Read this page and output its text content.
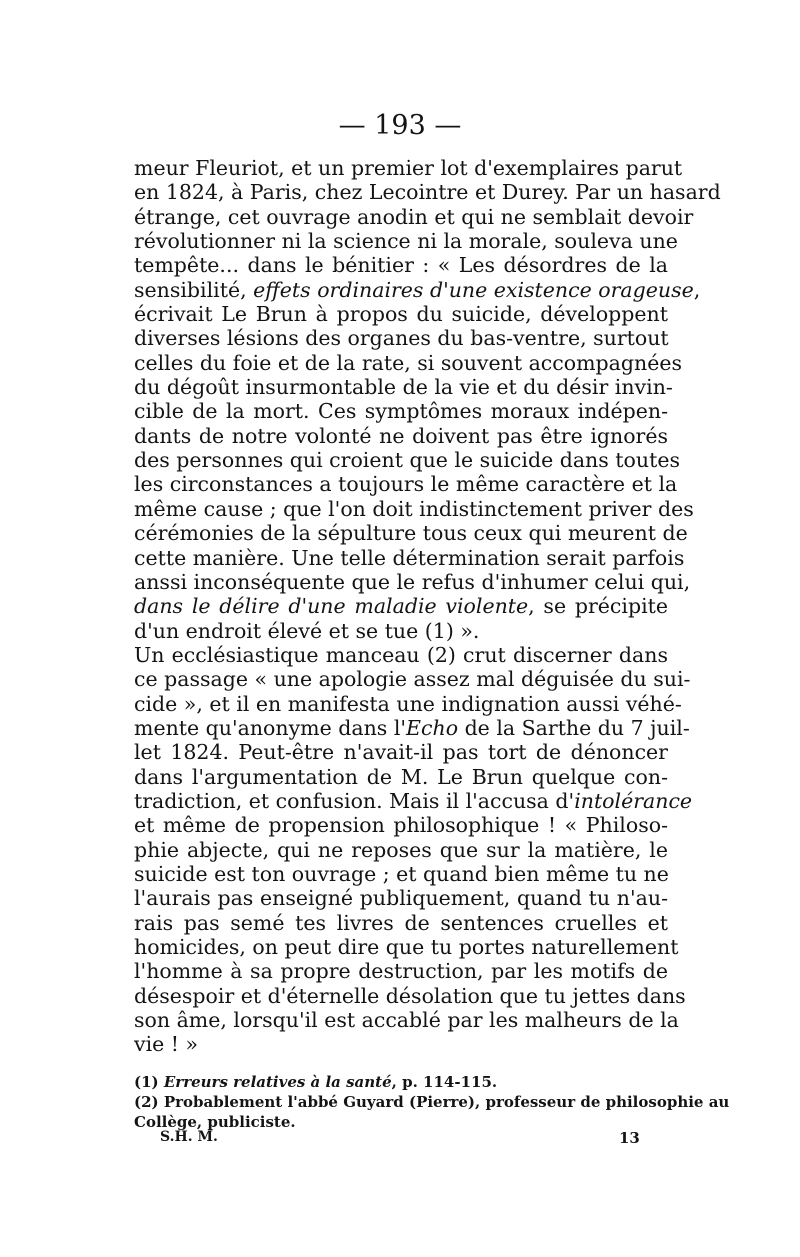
— 193 —
meur Fleuriot, et un premier lot d'exemplaires parut
en 1824, à Paris, chez Lecointre et Durey. Par un hasard
étrange, cet ouvrage anodin et qui ne semblait devoir
révolutionner ni la science ni la morale, souleva une
tempête... dans le bénitier : « Les désordres de la
sensibilité, effets ordinaires d'une existence orageuse,
écrivait Le Brun à propos du suicide, développent
diverses lésions des organes du bas-ventre, surtout
celles du foie et de la rate, si souvent accompagnées
du dégoût insurmontable de la vie et du désir invin-
cible de la mort. Ces symptômes moraux indépen-
dants de notre volonté ne doivent pas être ignorés
des personnes qui croient que le suicide dans toutes
les circonstances a toujours le même caractère et la
même cause ; que l'on doit indistinctement priver des
cérémonies de la sépulture tous ceux qui meurent de
cette manière. Une telle détermination serait parfois
anssi inconséquente que le refus d'inhumer celui qui,
dans le délire d'une maladie violente, se précipite
d'un endroit élevé et se tue (1) ».
Un ecclésiastique manceau (2) crut discerner dans
ce passage « une apologie assez mal déguisée du sui-
cide », et il en manifesta une indignation aussi véhé-
mente qu'anonyme dans l'Echo de la Sarthe du 7 juil-
let 1824. Peut-être n'avait-il pas tort de dénoncer
dans l'argumentation de M. Le Brun quelque con-
tradiction, et confusion. Mais il l'accusa d'intolérance
et même de propension philosophique ! « Philoso-
phie abjecte, qui ne reposes que sur la matière, le
suicide est ton ouvrage ; et quand bien même tu ne
l'aurais pas enseigné publiquement, quand tu n'au-
rais pas semé tes livres de sentences cruelles et
homicides, on peut dire que tu portes naturellement
l'homme à sa propre destruction, par les motifs de
désespoir et d'éternelle désolation que tu jettes dans
son âme, lorsqu'il est accablé par les malheurs de la
vie ! »
(1) Erreurs relatives à la santé, p. 114-115.
(2) Probablement l'abbé Guyard (Pierre), professeur de philosophie au
Collège, publiciste.
S.H. M.	13
